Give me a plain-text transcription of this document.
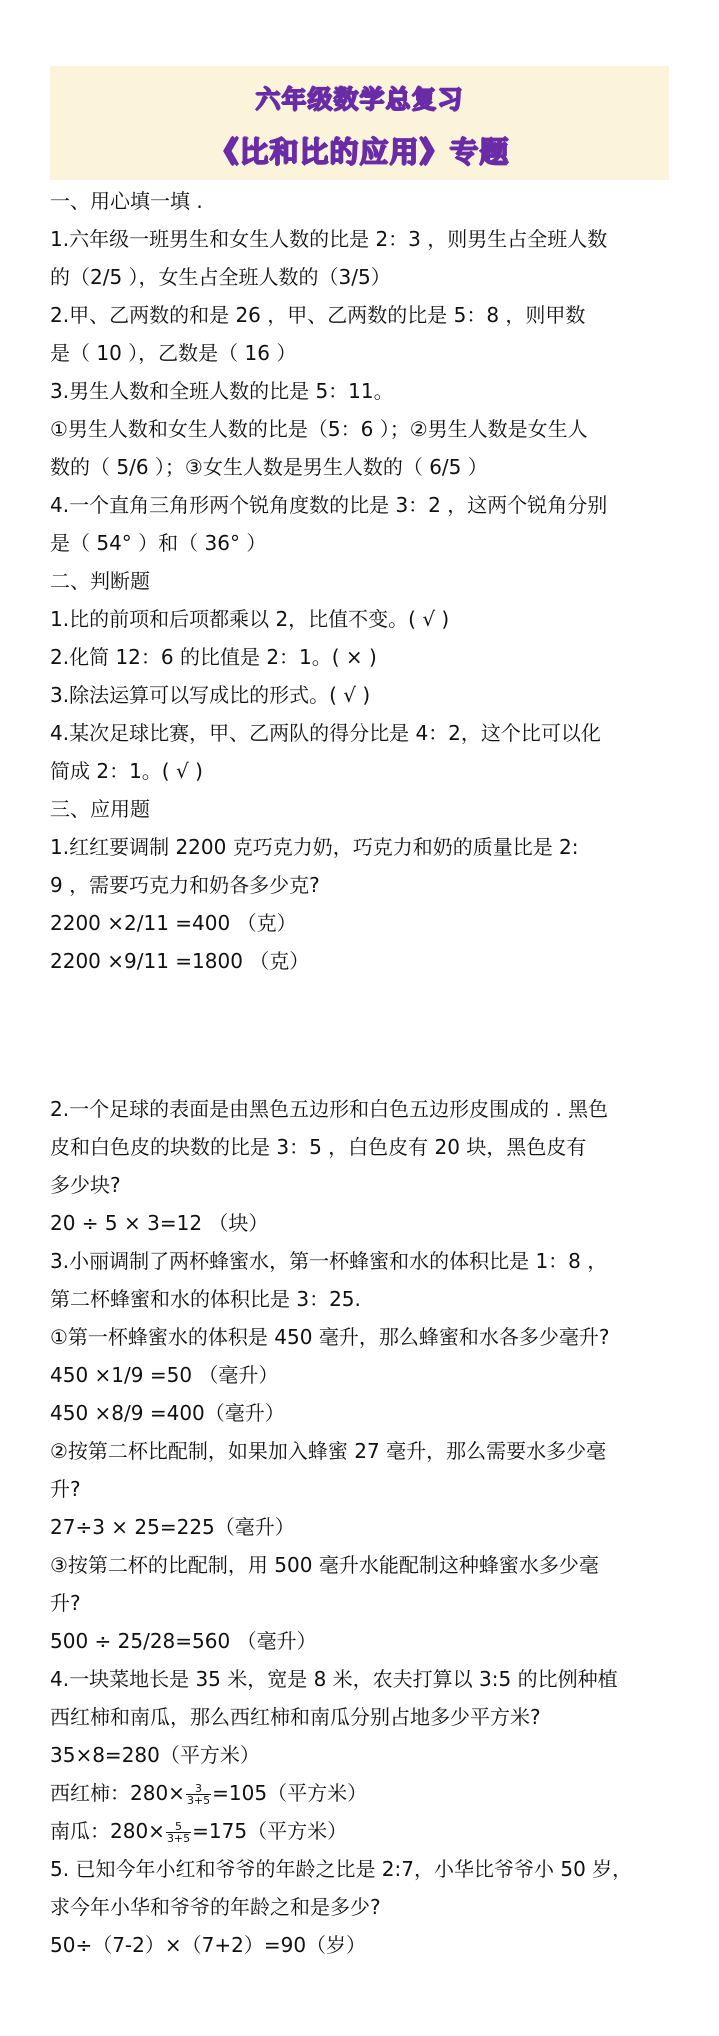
六年级数学总复习
《比和比的应用》专题
一、用心填一填 .
1.六年级一班男生和女生人数的比是 2：3 ，则男生占全班人数
的（2/5 ），女生占全班人数的（3/5）
2.甲、乙两数的和是 26 ，甲、乙两数的比是 5：8 ，则甲数
是（ 10 ），乙数是（ 16 ）
3.男生人数和全班人数的比是 5：11。
①男生人数和女生人数的比是（5：6 ）；②男生人数是女生人
数的（ 5/6 ）；③女生人数是男生人数的（ 6/5 ）
4.一个直角三角形两个锐角度数的比是 3：2 ，这两个锐角分别
是（ 54° ）和（ 36° ）
二、判断题
1.比的前项和后项都乘以 2，比值不变。( √ )
2.化简 12：6 的比值是 2：1。( × )
3.除法运算可以写成比的形式。( √ )
4.某次足球比赛，甲、乙两队的得分比是 4：2，这个比可以化
简成 2：1。( √ )
三、应用题
1.红红要调制 2200 克巧克力奶，巧克力和奶的质量比是 2:
9 ，需要巧克力和奶各多少克?
2200 ×2/11 =400 （克）
2200 ×9/11 =1800 （克）
2.一个足球的表面是由黑色五边形和白色五边形皮围成的 . 黑色
皮和白色皮的块数的比是 3：5 ，白色皮有 20 块，黑色皮有
多少块?
20 ÷ 5 × 3=12 （块）
3.小丽调制了两杯蜂蜜水，第一杯蜂蜜和水的体积比是 1：8 ，
第二杯蜂蜜和水的体积比是 3：25.
①第一杯蜂蜜水的体积是 450 毫升，那么蜂蜜和水各多少毫升?
450 ×1/9 =50 （毫升）
450 ×8/9 =400（毫升）
②按第二杯比配制，如果加入蜂蜜 27 毫升，那么需要水多少毫
升?
27÷3 × 25=225（毫升）
③按第二杯的比配制，用 500 毫升水能配制这种蜂蜜水多少毫
升?
500 ÷ 25/28=560 （毫升）
4.一块菜地长是 35 米，宽是 8 米，农夫打算以 3:5 的比例种植
西红柿和南瓜，那么西红柿和南瓜分别占地多少平方米?
35×8=280（平方米）
西红柿：$280\times \frac{3}{3+5} =105$（平方米）
南瓜：$280\times \frac{5}{3+5} =175$（平方米）
5. 已知今年小红和爷爷的年龄之比是 2:7，小华比爷爷小 50 岁，
求今年小华和爷爷的年龄之和是多少?
50÷（7-2）×（7+2）=90（岁）
